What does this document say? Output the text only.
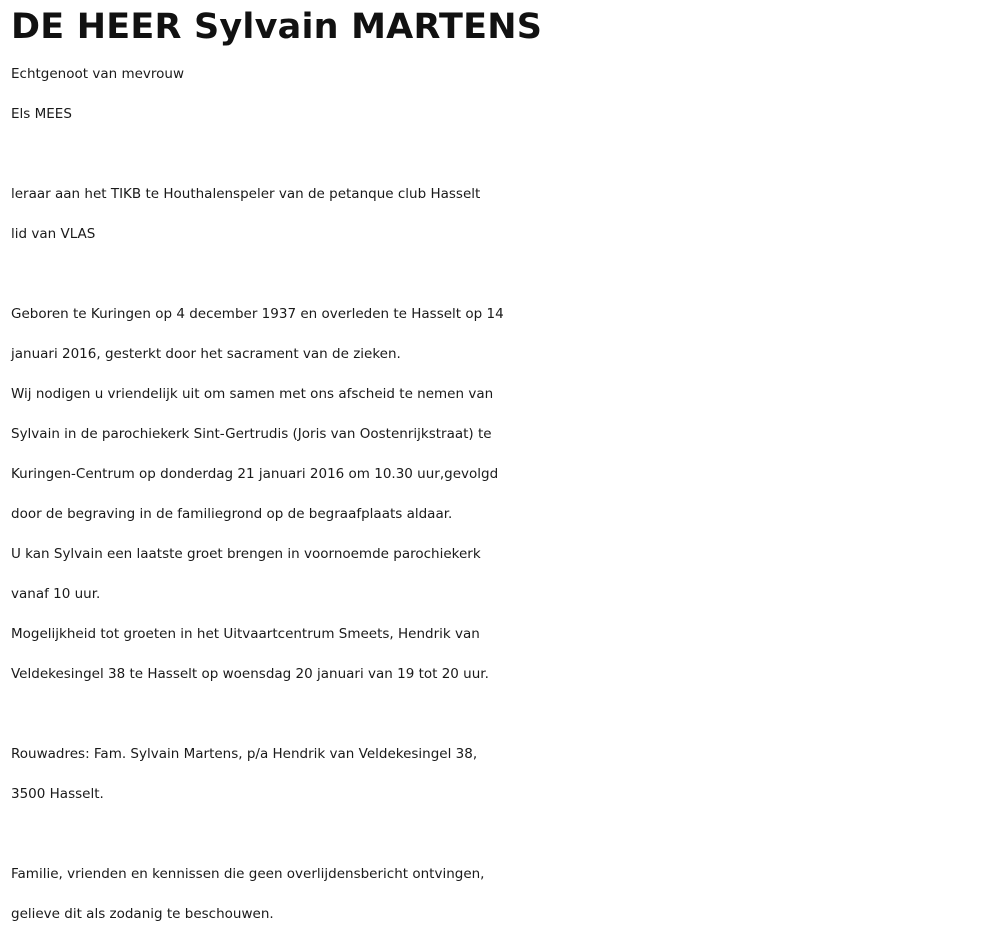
DE HEER Sylvain MARTENS
Echtgenoot van mevrouw
Els MEES
leraar aan het TIKB te Houthalenspeler van de petanque club Hasselt
lid van VLAS
Geboren te Kuringen op 4 december 1937 en overleden te Hasselt op 14
januari 2016, gesterkt door het sacrament van de zieken.
Wij nodigen u vriendelijk uit om samen met ons afscheid te nemen van
Sylvain in de parochiekerk Sint-Gertrudis (Joris van Oostenrijkstraat) te
Kuringen-Centrum op donderdag 21 januari 2016 om 10.30 uur,gevolgd
door de begraving in de familiegrond op de begraafplaats aldaar.
U kan Sylvain een laatste groet brengen in voornoemde parochiekerk
vanaf 10 uur.
Mogelijkheid tot groeten in het Uitvaartcentrum Smeets, Hendrik van
Veldekesingel 38 te Hasselt op woensdag 20 januari van 19 tot 20 uur.
Rouwadres: Fam. Sylvain Martens, p/a Hendrik van Veldekesingel 38,
3500 Hasselt.
Familie, vrienden en kennissen die geen overlijdensbericht ontvingen,
gelieve dit als zodanig te beschouwen.
